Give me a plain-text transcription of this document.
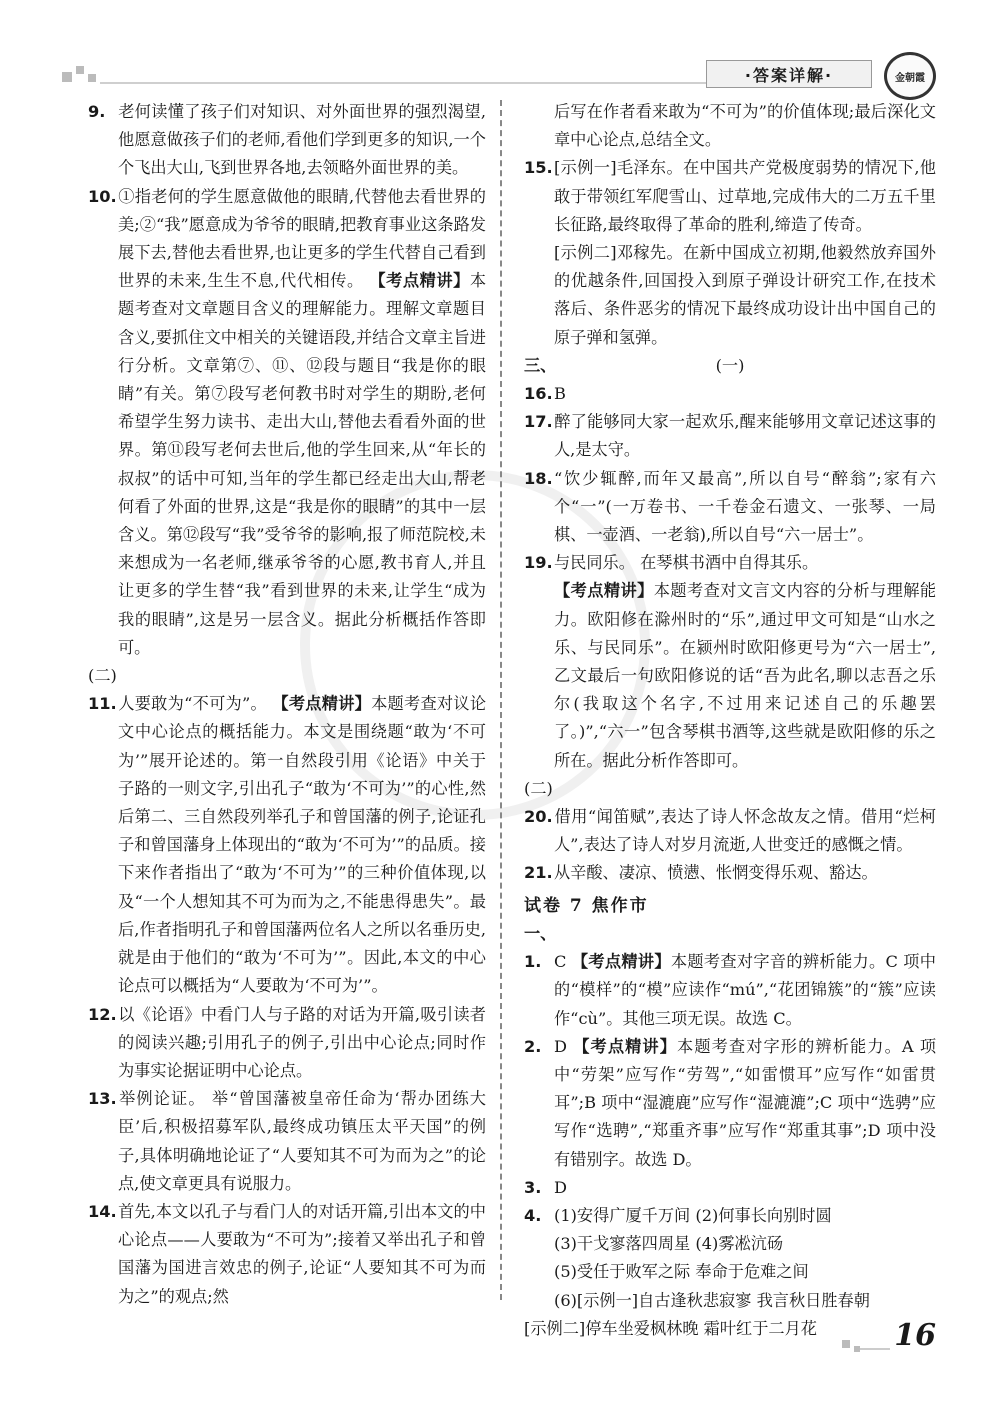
·答案详解·	金朝霞

9. 老何读懂了孩子们对知识、对外面世界的强烈渴望,他愿意做孩子们的老师,看他们学到更多的知识,一个个飞出大山,飞到世界各地,去领略外面世界的美。

10.①指老何的学生愿意做他的眼睛,代替他去看世界的美;②“我”愿意成为爷爷的眼睛,把教育事业这条路发展下去,替他去看世界,也让更多的学生代替自己看到世界的未来,生生不息,代代相传。 【考点精讲】本题考查对文章题目含义的理解能力。理解文章题目含义,要抓住文中相关的关键语段,并结合文章主旨进行分析。文章第⑦、⑪、⑫段与题目“我是你的眼睛”有关。第⑦段写老何教书时对学生的期盼,老何希望学生努力读书、走出大山,替他去看看外面的世界。第⑪段写老何去世后,他的学生回来,从“年长的叔叔”的话中可知,当年的学生都已经走出大山,帮老何看了外面的世界,这是“我是你的眼睛”的其中一层含义。第⑫段写“我”受爷爷的影响,报了师范院校,未来想成为一名老师,继承爷爷的心愿,教书育人,并且让更多的学生替“我”看到世界的未来,让学生“成为我的眼睛”,这是另一层含义。据此分析概括作答即可。

(二)

11.人要敢为“不可为”。 【考点精讲】本题考查对议论文中心论点的概括能力。本文是围绕题“敢为‘不可为’”展开论述的。第一自然段引用《论语》中关于子路的一则文字,引出孔子“敢为‘不可为’”的心性,然后第二、三自然段列举孔子和曾国藩的例子,论证孔子和曾国藩身上体现出的“敢为‘不可为’”的品质。接下来作者指出了“敢为‘不可为’”的三种价值体现,以及“一个人想知其不可为而为之,不能患得患失”。最后,作者指明孔子和曾国藩两位名人之所以名垂历史,就是由于他们的“敢为‘不可为’”。因此,本文的中心论点可以概括为“人要敢为‘不可为’”。

12.以《论语》中看门人与子路的对话为开篇,吸引读者的阅读兴趣;引用孔子的例子,引出中心论点;同时作为事实论据证明中心论点。

13.举例论证。 举“曾国藩被皇帝任命为‘帮办团练大臣’后,积极招募军队,最终成功镇压太平天国”的例子,具体明确地论证了“人要知其不可为而为之”的论点,使文章更具有说服力。

14.首先,本文以孔子与看门人的对话开篇,引出本文的中心论点——人要敢为“不可为”;接着又举出孔子和曾国藩为国进言效忠的例子,论证“人要知其不可为而为之”的观点;然

后写在作者看来敢为“不可为”的价值体现;最后深化文章中心论点,总结全文。

15.[示例一]毛泽东。在中国共产党极度弱势的情况下,他敢于带领红军爬雪山、过草地,完成伟大的二万五千里长征路,最终取得了革命的胜利,缔造了传奇。

[示例二]邓稼先。在新中国成立初期,他毅然放弃国外的优越条件,回国投入到原子弹设计研究工作,在技术落后、条件恶劣的情况下最终成功设计出中国自己的原子弹和氢弹。

三、	(一)

16.B

17.醉了能够同大家一起欢乐,醒来能够用文章记述这事的人,是太守。

18.“饮少辄醉,而年又最高”,所以自号“醉翁”;家有六个“一”(一万卷书、一千卷金石遗文、一张琴、一局棋、一壶酒、一老翁),所以自号“六一居士”。

19.与民同乐。 在琴棋书酒中自得其乐。

【考点精讲】本题考查对文言文内容的分析与理解能力。欧阳修在滁州时的“乐”,通过甲文可知是“山水之乐、与民同乐”。在颍州时欧阳修更号为“六一居士”,乙文最后一句欧阳修说的话“吾为此名,聊以志吾之乐尔(我取这个名字,不过用来记述自己的乐趣罢了。)”,“六一”包含琴棋书酒等,这些就是欧阳修的乐之所在。据此分析作答即可。

(二)

20.借用“闻笛赋”,表达了诗人怀念故友之情。借用“烂柯人”,表达了诗人对岁月流逝,人世变迁的感慨之情。

21.从辛酸、凄凉、愤懑、怅惘变得乐观、豁达。

试卷 7 焦作市

一、1. C 【考点精讲】本题考查对字音的辨析能力。C 项中的“模样”的“模”应读作“mú”,“花团锦簇”的“簇”应读作“cù”。其他三项无误。故选 C。

2. D 【考点精讲】本题考查对字形的辨析能力。A 项中“劳架”应写作“劳驾”,“如雷惯耳”应写作“如雷贯耳”;B 项中“湿漉鹿”应写作“湿漉漉”;C 项中“选骋”应写作“选聘”,“郑重齐事”应写作“郑重其事”;D 项中没有错别字。故选 D。

3. D

4. (1)安得广厦千万间 (2)何事长向别时圆

(3)干戈寥落四周星 (4)雾凇沆砀

(5)受任于败军之际 奉命于危难之间

(6)[示例一]自古逢秋悲寂寥 我言秋日胜春朝

[示例二]停车坐爱枫林晚 霜叶红于二月花	16
